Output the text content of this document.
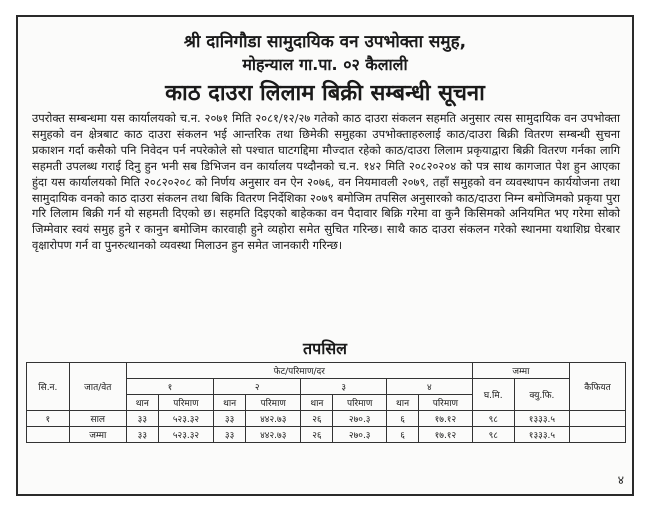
श्री दानिगौडा सामुदायिक वन उपभोक्ता समुह,
मोहन्याल गा.पा. ०२ कैलाली
काठ दाउरा लिलाम बिक्री सम्बन्धी सूचना
उपरोक्त सम्बन्धमा यस कार्यालयको च.न. २०७१ मिति २०८१/१२/२७ गतेको काठ दाउरा संकलन सहमति अनुसार त्यस सामुदायिक वन उपभोक्ता समुहको वन क्षेत्रबाट काठ दाउरा संकलन भई आन्तरिक तथा छिमेकी समुहका उपभोक्ताहरुलाई काठ/दाउरा बिक्री वितरण सम्बन्धी सुचना प्रकाशन गर्दा कसैको पनि निवेदन पर्न नपरेकोले सो पश्चात घाटगद्दिमा मौज्दात रहेको काठ/दाउरा लिलाम प्रकृयाद्वारा बिक्री वितरण गर्नका लागि सहमती उपलब्ध गराई दिनु हुन भनी सब डिभिजन वन कार्यालय पथ्दौनको च.न. १४२ मिति २०८२०२०४ को पत्र साथ कागजात पेश हुन आएका हुंदा यस कार्यालयको मिति २०८२०२०८ को निर्णय अनुसार वन ऐन २०७६, वन नियमावली २०७९, तहाँ समुहको वन व्यवस्थापन कार्ययोजना तथा सामुदायिक वनको काठ दाउरा संकलन तथा बिकि वितरण निर्देशिका २०७९ बमोजिम तपसिल अनुसारको काठ/दाउरा निम्न बमोजिमको प्रकृया पुरा गरि लिलाम बिक्री गर्न यो सहमती दिएको छ। सहमति दिइएको बाहेकका वन पैदावार बिक्रि गरेमा वा कुनै किसिमको अनियमित भए गरेमा सोको जिम्मेवार स्वयं समुह हुने र कानुन बमोजिम कारवाही हुने व्यहोरा समेत सुचित गरिन्छ। साथै काठ दाउरा संकलन गरेको स्थानमा यथाशिघ्र घेरबार वृक्षारोपण गर्न वा पुनरुत्थानको व्यवस्था मिलाउन हुन समेत जानकारी गरिन्छ।
तपसिल
सि.न.	जात/वेत	फेट/परिमाण/दर								जम्मा		कैफियत
		१		२		३		४		घ.मि.	क्यु.फि.	
		थान	परिमाण	थान	परिमाण	थान	परिमाण	थान	परिमाण			
१	साल	३३	५२३.३२	३३	४४२.७३	२६	२७०.३	६	१७.१२	९८	१३३३.५	
	जम्मा	३३	५२३.३२	३३	४४२.७३	२६	२७०.३	६	१७.१२	९८	१३३३.५	
४
